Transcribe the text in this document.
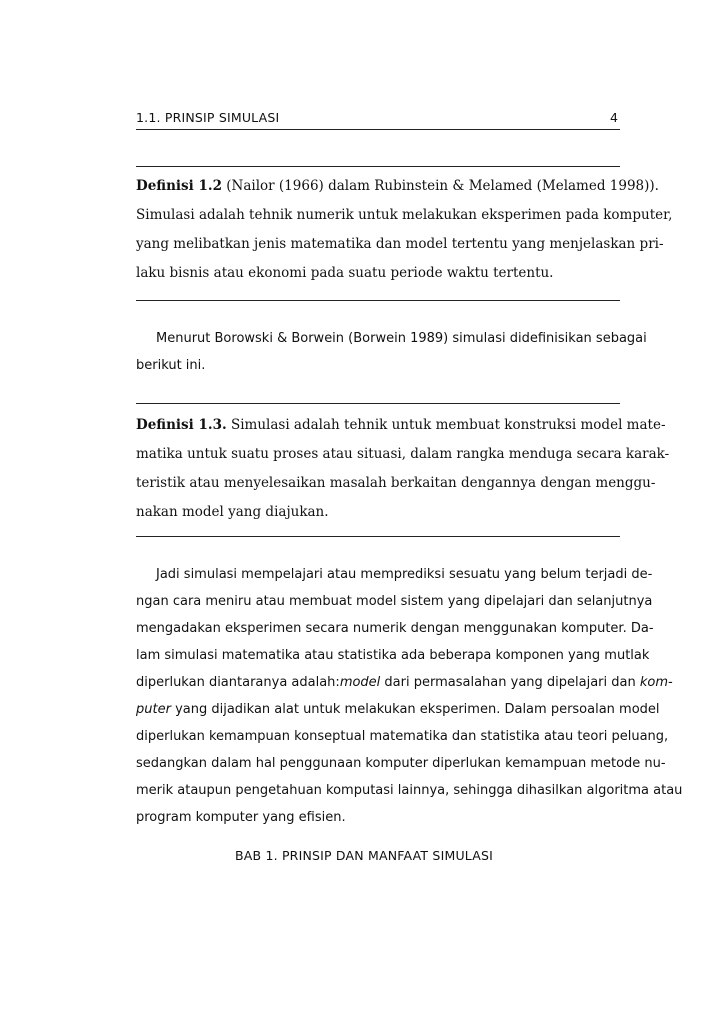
1.1. PRINSIP SIMULASI	4
Definisi 1.2 (Nailor (1966) dalam Rubinstein & Melamed (Melamed 1998)).
Simulasi adalah tehnik numerik untuk melakukan eksperimen pada komputer,
yang melibatkan jenis matematika dan model tertentu yang menjelaskan pri-
laku bisnis atau ekonomi pada suatu periode waktu tertentu.
Menurut Borowski & Borwein (Borwein 1989) simulasi didefinisikan sebagai
berikut ini.
Definisi 1.3. Simulasi adalah tehnik untuk membuat konstruksi model mate-
matika untuk suatu proses atau situasi, dalam rangka menduga secara karak-
teristik atau menyelesaikan masalah berkaitan dengannya dengan menggu-
nakan model yang diajukan.
Jadi simulasi mempelajari atau memprediksi sesuatu yang belum terjadi de-
ngan cara meniru atau membuat model sistem yang dipelajari dan selanjutnya
mengadakan eksperimen secara numerik dengan menggunakan komputer. Da-
lam simulasi matematika atau statistika ada beberapa komponen yang mutlak
diperlukan diantaranya adalah:model dari permasalahan yang dipelajari dan kom-
puter yang dijadikan alat untuk melakukan eksperimen. Dalam persoalan model
diperlukan kemampuan konseptual matematika dan statistika atau teori peluang,
sedangkan dalam hal penggunaan komputer diperlukan kemampuan metode nu-
merik ataupun pengetahuan komputasi lainnya, sehingga dihasilkan algoritma atau
program komputer yang efisien.
BAB 1. PRINSIP DAN MANFAAT SIMULASI
